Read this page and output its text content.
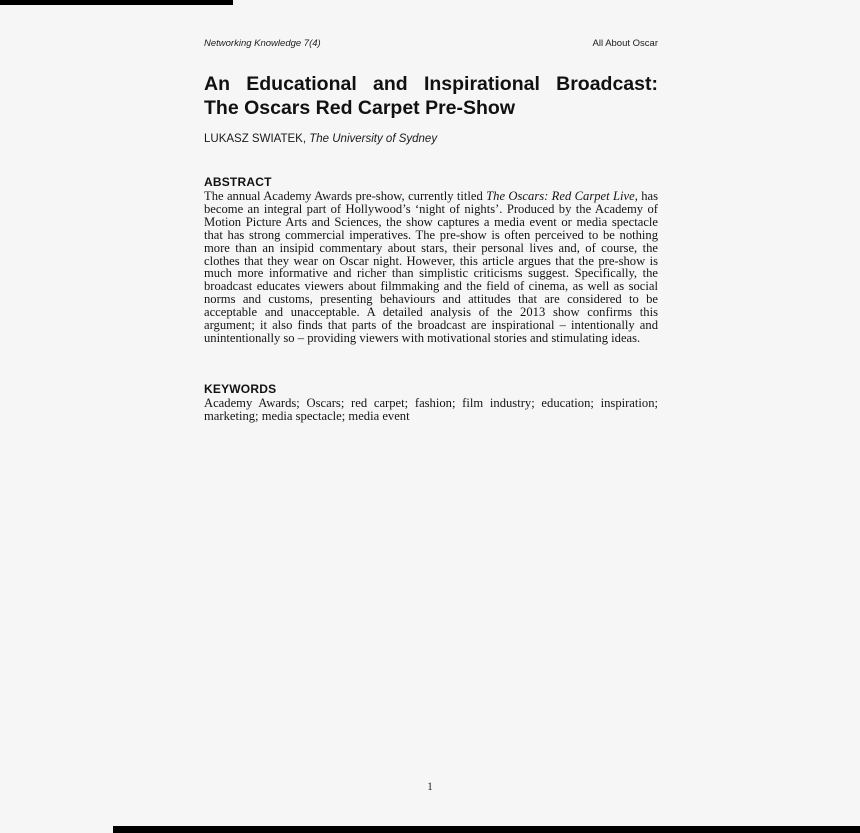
Networking Knowledge 7(4)	All About Oscar
An Educational and Inspirational Broadcast:
The Oscars Red Carpet Pre-Show
LUKASZ SWIATEK, The University of Sydney
ABSTRACT
The annual Academy Awards pre-show, currently titled The Oscars: Red Carpet Live, has become an integral part of Hollywood’s ‘night of nights’. Produced by the Academy of Motion Picture Arts and Sciences, the show captures a media event or media spectacle that has strong commercial imperatives. The pre-show is often perceived to be nothing more than an insipid commentary about stars, their personal lives and, of course, the clothes that they wear on Oscar night. However, this article argues that the pre-show is much more informative and richer than simplistic criticisms suggest. Specifically, the broadcast educates viewers about filmmaking and the field of cinema, as well as social norms and customs, presenting behaviours and attitudes that are considered to be acceptable and unacceptable. A detailed analysis of the 2013 show confirms this argument; it also finds that parts of the broadcast are inspirational – intentionally and unintentionally so – providing viewers with motivational stories and stimulating ideas.
KEYWORDS
Academy Awards; Oscars; red carpet; fashion; film industry; education; inspiration; marketing; media spectacle; media event
1
